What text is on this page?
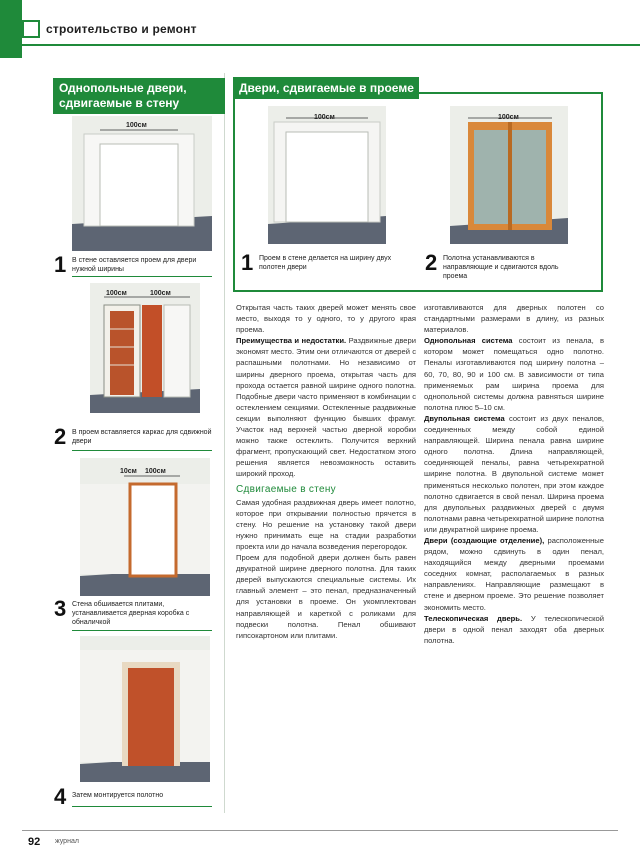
строительство и ремонт
Однопольные двери,
сдвигаемые в стену
100см
1 В стене оставляется проем для двери нужной ширины
100см	100см
2 В проем вставляется каркас для сдвижной двери
10см 100см
3 Стена обшивается плитами, устанавливается дверная коробка с обналичкой
4 Затем монтируется полотно
Двери, сдвигаемые в проеме
100см	100см
1 Проем в стене делается на ширину двух полотен двери	2 Полотна устанавливаются в направляющие и сдвигаются вдоль проема

Открытая часть таких дверей может менять свое место, выходя то у одного, то у другого края проема.

Преимущества и недостатки. Раздвижные двери экономят место. Этим они отличаются от дверей с распашными полотнами. Но независимо от ширины дверного проема, открытая часть для прохода остается равной ширине одного полотна. Подобные двери часто применяют в комбинации с остеклением секциями. Остекленные раздвижные секции выполняют функцию бывших фрамуг. Участок над верхней частью дверной коробки можно также остеклить. Получится верхний фрагмент, пропускающий свет. Недостатком этого решения является невозможность оставить широкий проход.

Сдвигаемые в стену

Самая удобная раздвижная дверь имеет полотно, которое при открывании полностью прячется в стену. Но решение на установку такой двери нужно принимать еще на стадии разработки проекта или до начала возведения перегородок.

Проем для подобной двери должен быть равен двукратной ширине дверного полотна. Для таких дверей выпускаются специальные системы. Их главный элемент – это пенал, предназначенный для установки в проеме. Он укомплектован направляющей и кареткой с роликами для подвески полотна. Пенал обшивают гипсокартоном или плитами.

изготавливаются для дверных полотен со стандартными размерами в длину, из разных материалов.

Однопольная система состоит из пенала, в котором может помещаться одно полотно. Пеналы изготавливаются под ширину полотна – 60, 70, 80, 90 и 100 см. В зависимости от типа применяемых рам ширина проема для однопольной системы должна равняться ширине полотна плюс 5–10 см.

Двупольная система состоит из двух пеналов, соединенных между собой единой направляющей. Ширина пенала равна ширине одного полотна. Длина направляющей, соединяющей пеналы, равна четырехкратной ширине полотна. В двупольной системе может применяться несколько полотен, при этом каждое полотно сдвигается в свой пенал. Ширина проема для двупольных раздвижных дверей с двумя полотнами равна четырехкратной ширине полотна или двукратной ширине проема.

Двери (создающие отделение), расположенные рядом, можно сдвинуть в один пенал, находящийся между дверными проемами соседних комнат, располагаемых в разных направлениях. Направляющие размещают в стене и дверном проеме. Это решение позволяет экономить место.

Телескопическая дверь. У телескопической двери в одной пенал заходят оба дверных полотна.

92 журнал
